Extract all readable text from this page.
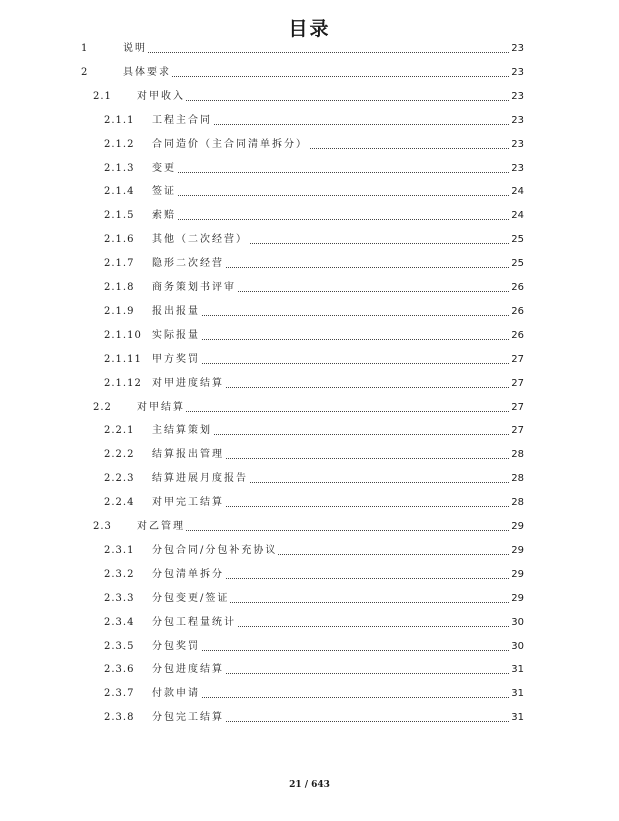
目录
1	说明	23
2	具体要求	23
2.1	对甲收入	23
2.1.1 工程主合同	23
2.1.2 合同造价（主合同清单拆分）	23
2.1.3 变更	23
2.1.4 签证	24
2.1.5 索赔	24
2.1.6 其他（二次经营）	25
2.1.7 隐形二次经营	25
2.1.8 商务策划书评审	26
2.1.9 报出报量	26
2.1.10 实际报量	26
2.1.11 甲方奖罚	27
2.1.12 对甲进度结算	27
2.2	对甲结算	27
2.2.1 主结算策划	27
2.2.2 结算报出管理	28
2.2.3 结算进展月度报告	28
2.2.4 对甲完工结算	28
2.3	对乙管理	29
2.3.1 分包合同/分包补充协议	29
2.3.2 分包清单拆分	29
2.3.3 分包变更/签证	29
2.3.4 分包工程量统计	30
2.3.5 分包奖罚	30
2.3.6 分包进度结算	31
2.3.7 付款申请	31
2.3.8 分包完工结算	31
21 / 643
